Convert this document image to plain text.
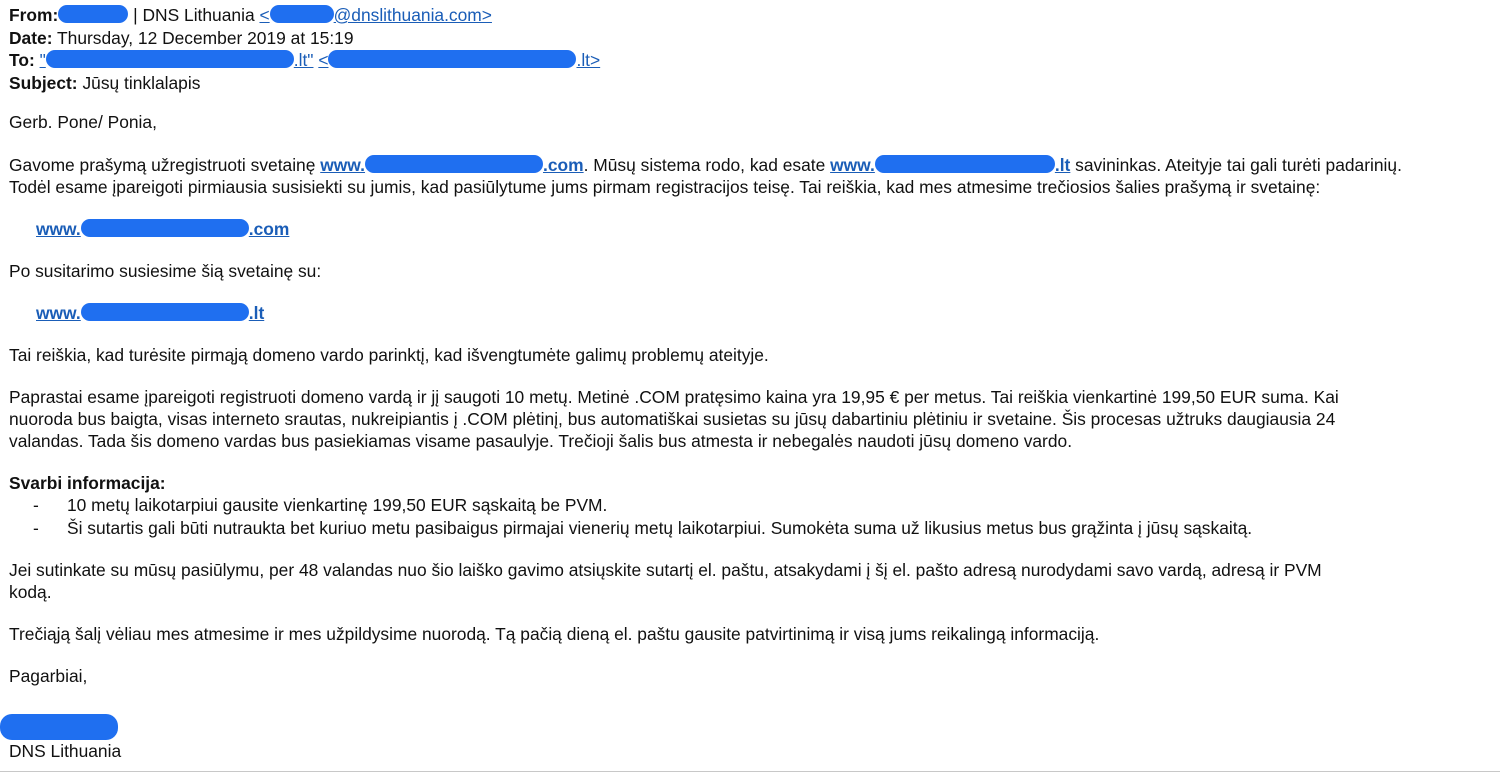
From:	| DNS Lithuania <	@dnslithuania.com>
Date: Thursday, 12 December 2019 at 15:19
To: "	.lt" <	.lt>
Subject: Jūsų tinklalapis

Gerb. Pone/ Ponia,

Gavome prašymą užregistruoti svetainę www.	.com. Mūsų sistema rodo, kad esate www.	.lt savininkas. Ateityje tai gali turėti padarinių.
Todėl esame įpareigoti pirmiausia susisiekti su jumis, kad pasiūlytume jums pirmam registracijos teisę. Tai reiškia, kad mes atmesime trečiosios šalies prašymą ir svetainę:

www.	.com

Po susitarimo susiesime šią svetainę su:

www.	.lt

Tai reiškia, kad turėsite pirmąją domeno vardo parinktį, kad išvengtumėte galimų problemų ateityje.

Paprastai esame įpareigoti registruoti domeno vardą ir jį saugoti 10 metų. Metinė .COM pratęsimo kaina yra 19,95 € per metus. Tai reiškia vienkartinė 199,50 EUR suma. Kai
nuoroda bus baigta, visas interneto srautas, nukreipiantis į .COM plėtinį, bus automatiškai susietas su jūsų dabartiniu plėtiniu ir svetaine. Šis procesas užtruks daugiausia 24
valandas. Tada šis domeno vardas bus pasiekiamas visame pasaulyje. Trečioji šalis bus atmesta ir nebegalės naudoti jūsų domeno vardo.

Svarbi informacija:

- 10 metų laikotarpiui gausite vienkartinę 199,50 EUR sąskaitą be PVM.
- Ši sutartis gali būti nutraukta bet kuriuo metu pasibaigus pirmajai vienerių metų laikotarpiui. Sumokėta suma už likusius metus bus grąžinta į jūsų sąskaitą.

Jei sutinkate su mūsų pasiūlymu, per 48 valandas nuo šio laiško gavimo atsiųskite sutartį el. paštu, atsakydami į šį el. pašto adresą nurodydami savo vardą, adresą ir PVM
kodą.

Trečiąją šalį vėliau mes atmesime ir mes užpildysime nuorodą. Tą pačią dieną el. paštu gausite patvirtinimą ir visą jums reikalingą informaciją.

Pagarbiai,

DNS Lithuania
